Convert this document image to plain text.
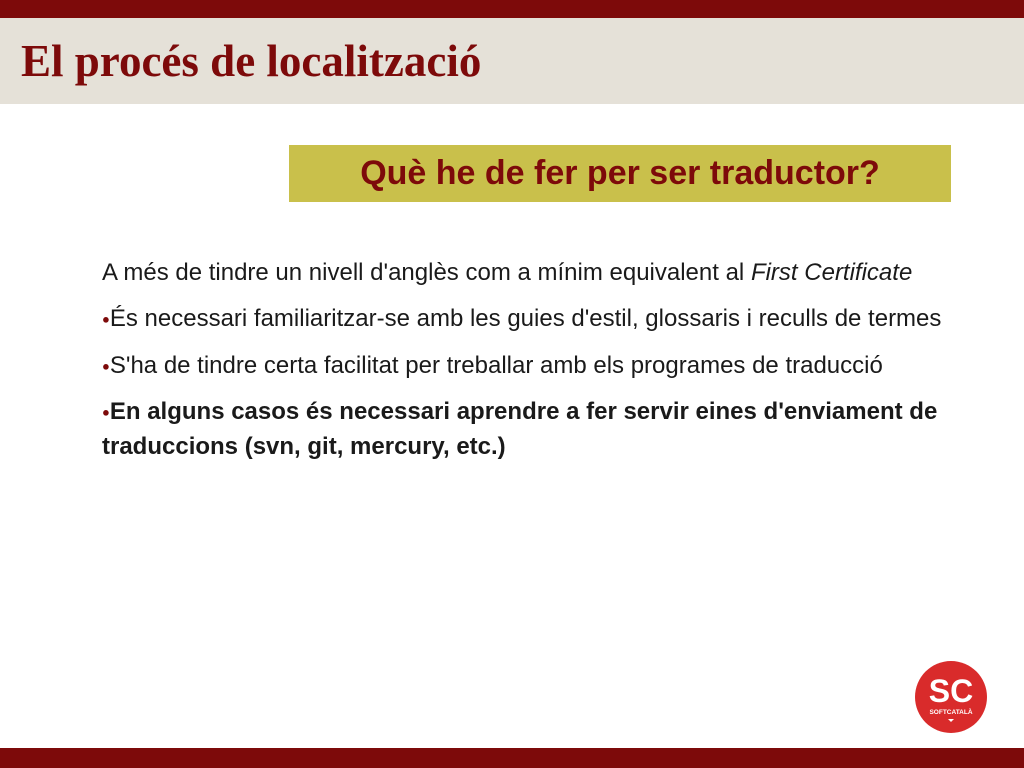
El procés de localització
Què he de fer per ser traductor?

A més de tindre un nivell d'anglès com a mínim equivalent al First Certificate

●És necessari familiaritzar-se amb les guies d'estil, glossaris i reculls de termes

●S'ha de tindre certa facilitat per treballar amb els programes de traducció

●En alguns casos és necessari aprendre a fer servir eines d'enviament de traduccions (svn, git, mercury, etc.)

SC
SOFTCATALÀ
